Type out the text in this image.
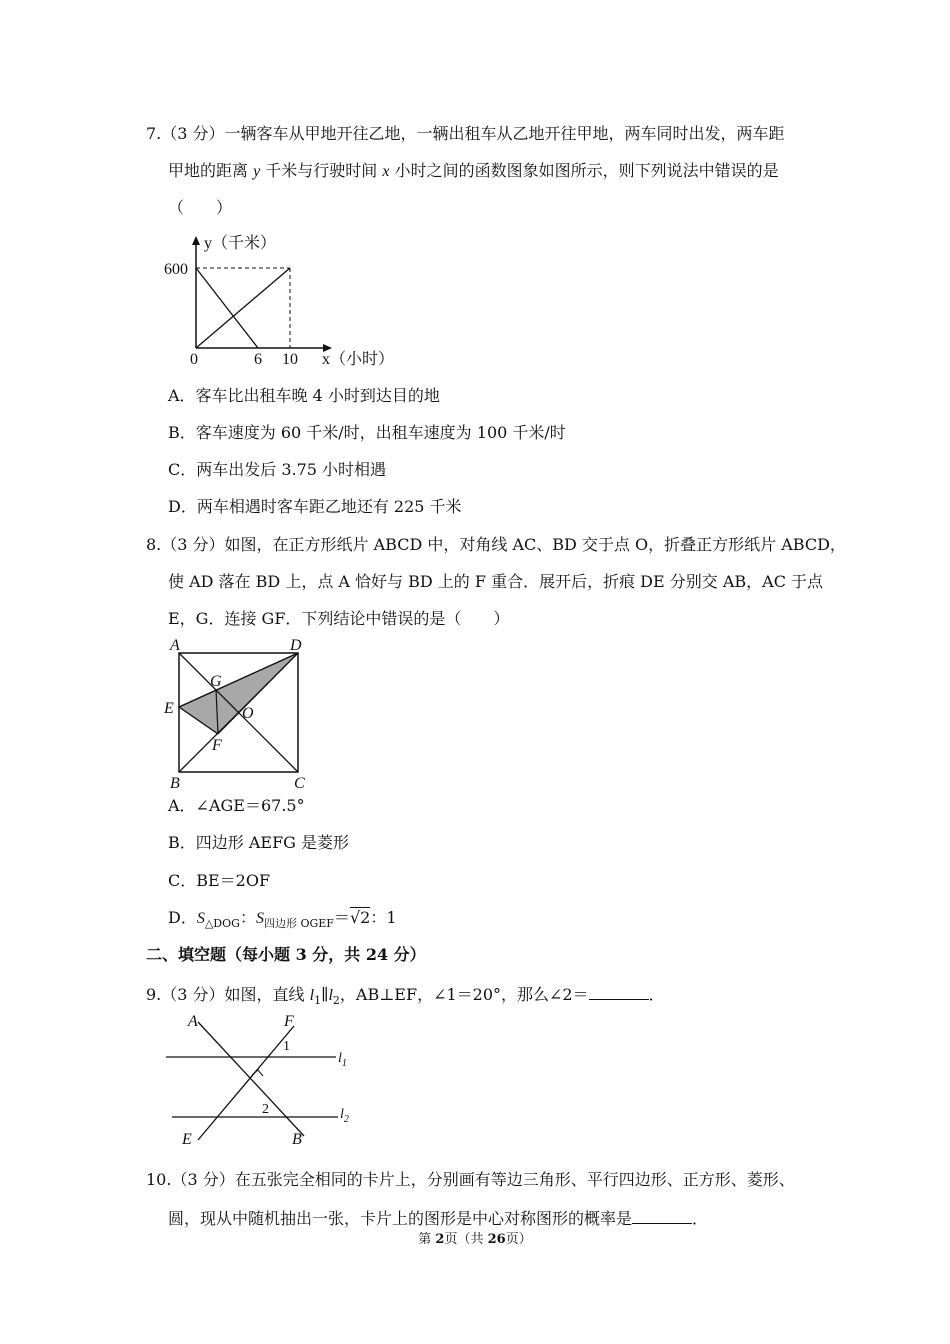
7.（3 分）一辆客车从甲地开往乙地，一辆出租车从乙地开往甲地，两车同时出发，两车距
甲地的距离 y 千米与行驶时间 x 小时之间的函数图象如图所示，则下列说法中错误的是
（　　）
y（千米）
600
0	6 10 x（小时）
A．客车比出租车晚 4 小时到达目的地
B．客车速度为 60 千米/时，出租车速度为 100 千米/时
C．两车出发后 3.75 小时相遇
D．两车相遇时客车距乙地还有 225 千米
8.（3 分）如图，在正方形纸片 ABCD 中，对角线 AC、BD 交于点 O，折叠正方形纸片 ABCD，
使 AD 落在 BD 上，点 A 恰好与 BD 上的 F 重合．展开后，折痕 DE 分别交 AB，AC 于点
E，G．连接 GF．下列结论中错误的是（　　）
A	D
B	C
E
G
O
F
A．∠AGE＝67.5°
B．四边形 AEFG 是菱形
C．BE＝2OF
D．$S_{\triangle DOG}$：$S_{四边形 OGEF}=√2$：1
二、填空题（每小题 3 分，共 24 分）
9.（3 分）如图，直线 $l_1\parallel l_2$，AB⊥EF，∠1＝20°，那么∠2＝	．
A	F
E	B
1
2
$l_1$
$l_2$
10.（3 分）在五张完全相同的卡片上，分别画有等边三角形、平行四边形、正方形、菱形、
圆，现从中随机抽出一张，卡片上的图形是中心对称图形的概率是	．
第 2页（共 26页）
